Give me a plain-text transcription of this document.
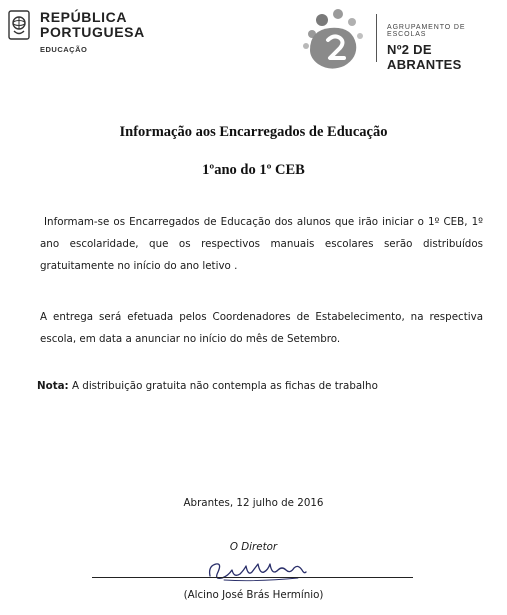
REPÚBLICA
PORTUGUESA
EDUCAÇÃO
AGRUPAMENTO DE ESCOLAS
Nº2 DE ABRANTES
Informação aos Encarregados de Educação
1ºano do 1º CEB
Informam-se os Encarregados de Educação dos alunos que irão iniciar o 1º CEB, 1º ano escolaridade, que os respectivos manuais escolares serão distribuídos gratuitamente no início do ano letivo .
A entrega será efetuada pelos Coordenadores de Estabelecimento, na respectiva escola, em data a anunciar no início do mês de Setembro.
Nota: A distribuição gratuita não contempla as fichas de trabalho
Abrantes, 12 julho de 2016
O Diretor
(Alcino José Brás Hermínio)
